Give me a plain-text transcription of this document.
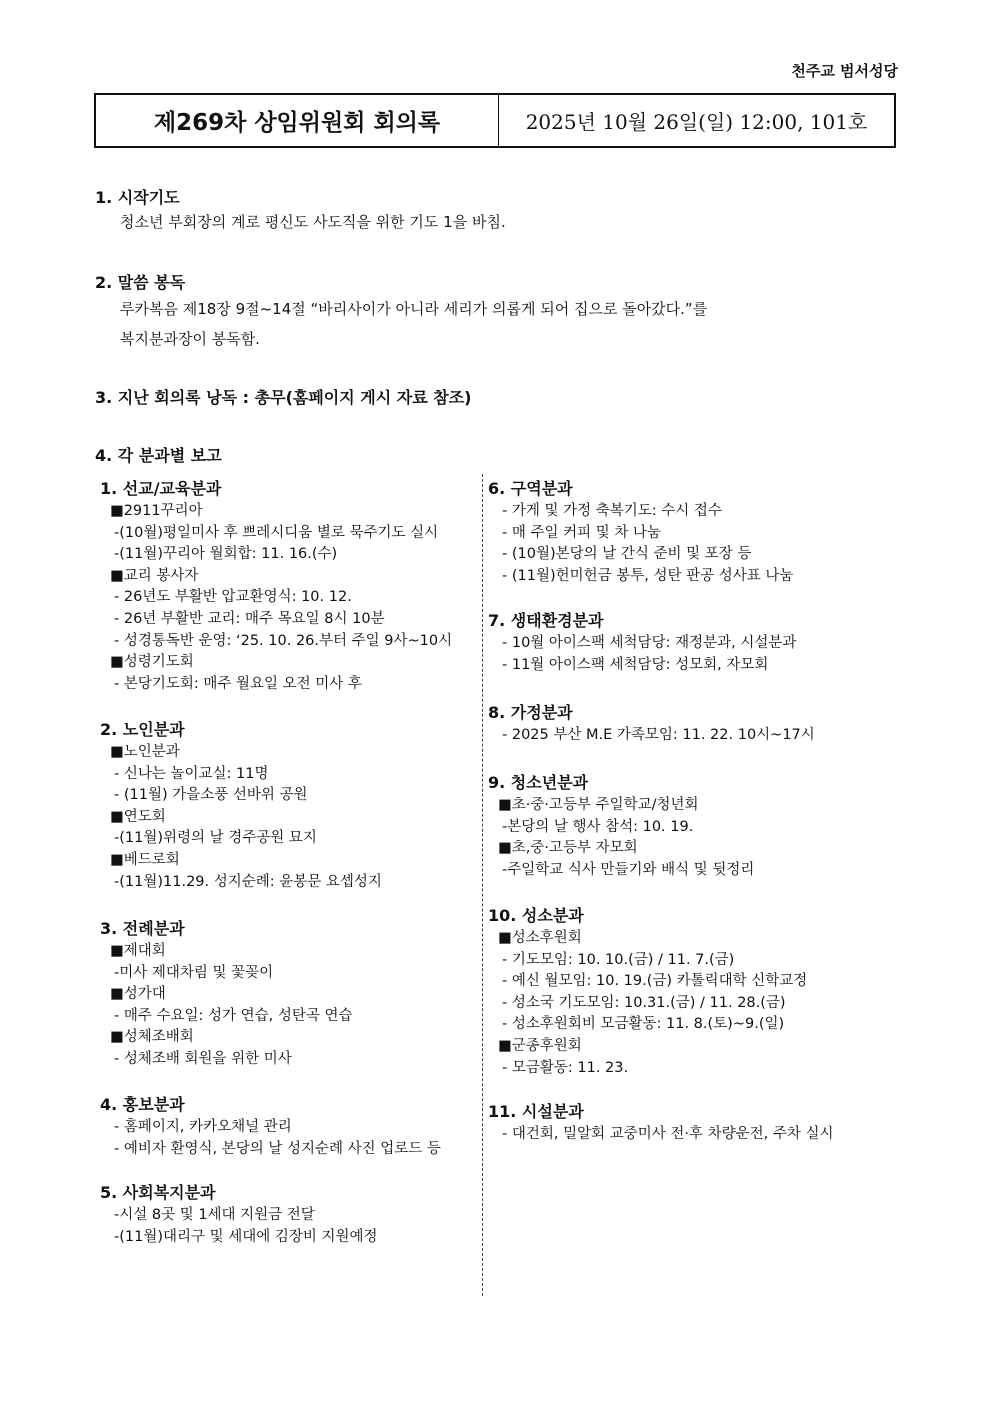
천주교 범서성당
제269차 상임위원회 회의록	2025년 10월 26일(일) 12:00, 101호
1. 시작기도
청소년 부회장의 계로 평신도 사도직을 위한 기도 1을 바침.
2. 말씀 봉독
루카복음 제18장 9절~14절 “바리사이가 아니라 세리가 의롭게 되어 집으로 돌아갔다.”를
복지분과장이 봉독함.
3. 지난 회의록 낭독 : 총무(홈페이지 게시 자료 참조)
4. 각 분과별 보고
1. 선교/교육분과
■2911꾸리아
-(10월)평일미사 후 쁘레시디움 별로 묵주기도 실시
-(11월)꾸리아 월회합: 11. 16.(수)
■교리 봉사자
- 26년도 부활반 압교환영식: 10. 12.
- 26년 부활반 교리: 매주 목요일 8시 10분
- 성경통독반 운영: ‘25. 10. 26.부터 주일 9사~10시
■성령기도회
- 본당기도회: 매주 월요일 오전 미사 후
2. 노인분과
■노인분과
- 신나는 놀이교실: 11명
- (11월) 가을소풍 선바위 공원
■연도회
-(11월)위령의 날 경주공원 묘지
■베드로회
-(11월)11.29. 성지순례: 윤봉문 요셉성지
3. 전례분과
■제대회
-미사 제대차림 및 꽃꽂이
■성가대
- 매주 수요일: 성가 연습, 성탄곡 연습
■성체조배회
- 성체조배 회원을 위한 미사
4. 홍보분과
- 홈페이지, 카카오채널 관리
- 예비자 환영식, 본당의 날 성지순례 사진 업로드 등
5. 사회복지분과
-시설 8곳 및 1세대 지원금 전달
-(11월)대리구 및 세대에 김장비 지원예정
6. 구역분과
- 가게 및 가정 축복기도: 수시 접수
- 매 주일 커피 및 차 나눔
- (10월)본당의 날 간식 준비 및 포장 등
- (11월)헌미헌금 봉투, 성탄 판공 성사표 나눔
7. 생태환경분과
- 10월 아이스팩 세척담당: 재정분과, 시설분과
- 11월 아이스팩 세척담당: 성모회, 자모회
8. 가정분과
- 2025 부산 M.E 가족모임: 11. 22. 10시~17시
9. 청소년분과
■초·중·고등부 주일학교/청년회
-본당의 날 행사 참석: 10. 19.
■초,중·고등부 자모회
-주일학교 식사 만들기와 배식 및 뒷정리
10. 성소분과
■성소후원회
- 기도모임: 10. 10.(금) / 11. 7.(금)
- 예신 월모임: 10. 19.(금) 카톨릭대학 신학교정
- 성소국 기도모임: 10.31.(금) / 11. 28.(금)
- 성소후원회비 모금활동: 11. 8.(토)~9.(일)
■군종후원회
- 모금활동: 11. 23.
11. 시설분과
- 대건회, 밀알회 교중미사 전·후 차량운전, 주차 실시
